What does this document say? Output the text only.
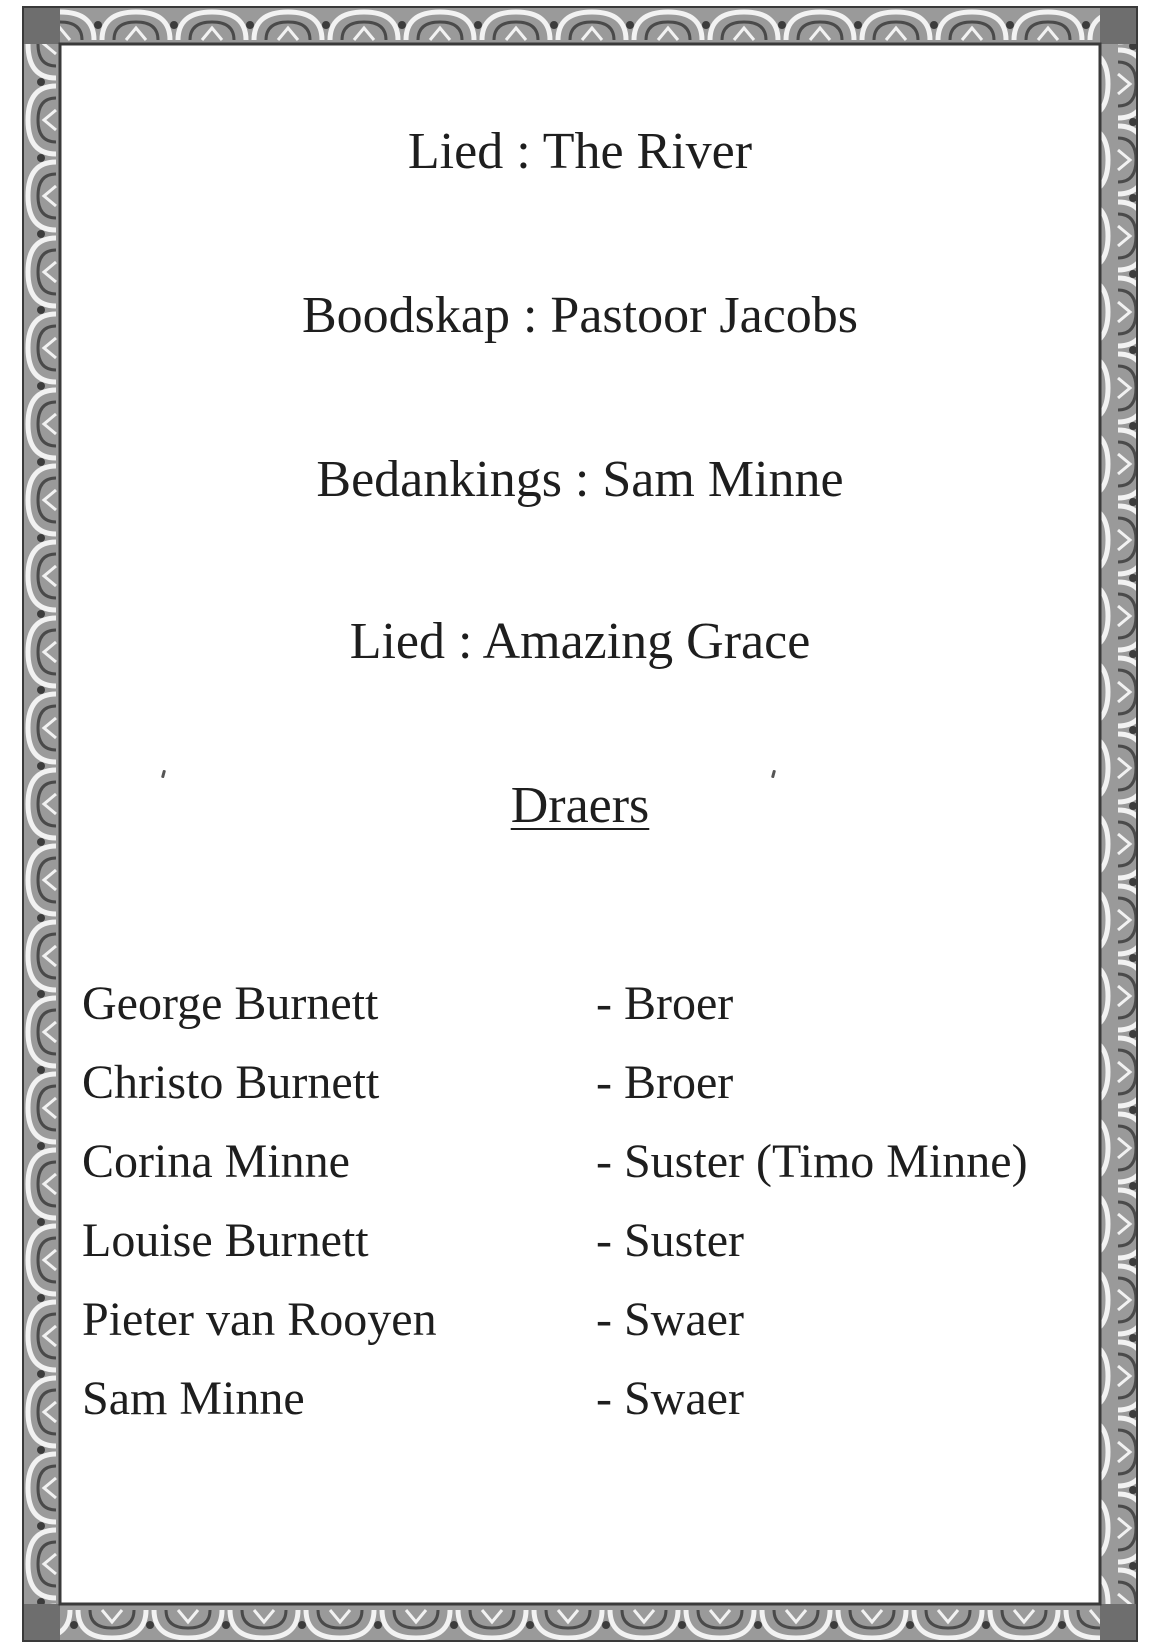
Lied : The River
Boodskap : Pastoor Jacobs
Bedankings : Sam Minne
Lied : Amazing Grace
Draers
George Burnett	- Broer
Christo Burnett	- Broer
Corina Minne	- Suster (Timo Minne)
Louise Burnett	- Suster
Pieter van Rooyen	- Swaer
Sam Minne	- Swaer
